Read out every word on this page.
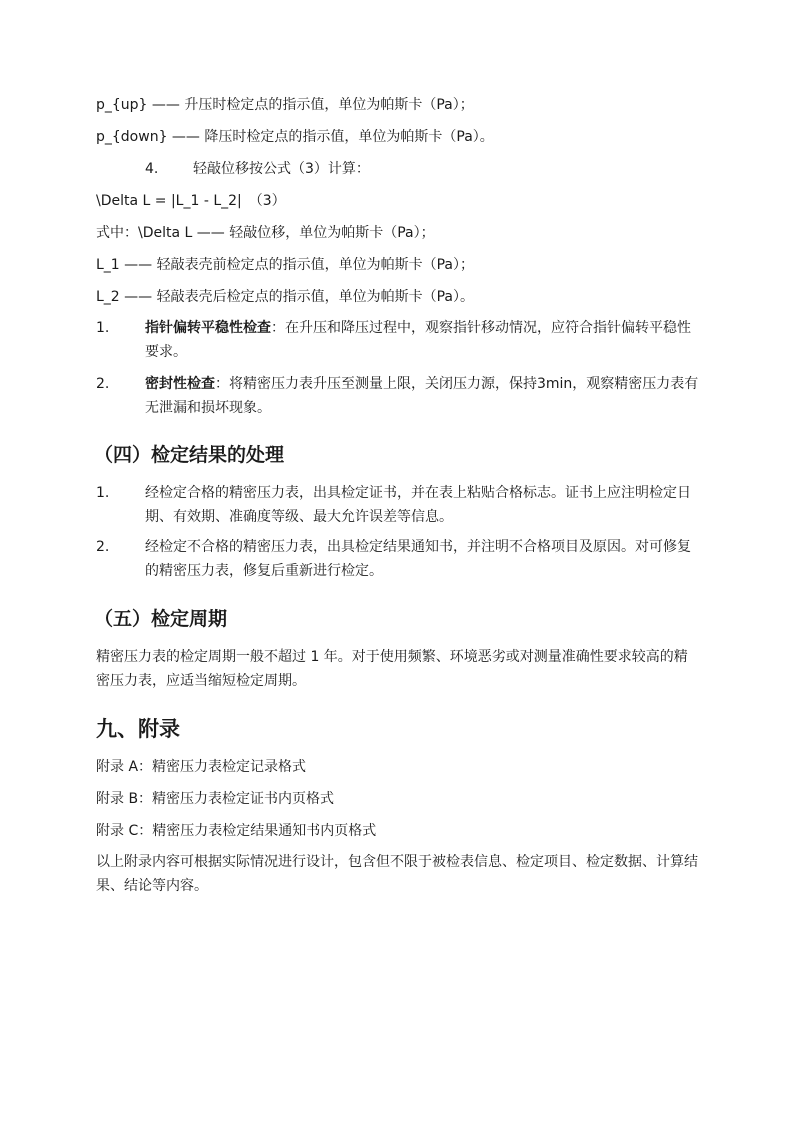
p_{up} —— 升压时检定点的指示值，单位为帕斯卡（Pa）；
p_{down} —— 降压时检定点的指示值，单位为帕斯卡（Pa）。
4. 轻敲位移按公式（3）计算：
\Delta L = |L_1 - L_2|　（3）
式中：\Delta L —— 轻敲位移，单位为帕斯卡（Pa）；
L_1 —— 轻敲表壳前检定点的指示值，单位为帕斯卡（Pa）；
L_2 —— 轻敲表壳后检定点的指示值，单位为帕斯卡（Pa）。
1.	指针偏转平稳性检查：在升压和降压过程中，观察指针移动情况，应符合指针偏转平稳性要求。
2.	密封性检查：将精密压力表升压至测量上限，关闭压力源，保持3min，观察精密压力表有无泄漏和损坏现象。
（四）检定结果的处理
1.	经检定合格的精密压力表，出具检定证书，并在表上粘贴合格标志。证书上应注明检定日期、有效期、准确度等级、最大允许误差等信息。
2.	经检定不合格的精密压力表，出具检定结果通知书，并注明不合格项目及原因。对可修复的精密压力表，修复后重新进行检定。
（五）检定周期
精密压力表的检定周期一般不超过 1 年。对于使用频繁、环境恶劣或对测量准确性要求较高的精密压力表，应适当缩短检定周期。
九、附录
附录 A：精密压力表检定记录格式
附录 B：精密压力表检定证书内页格式
附录 C：精密压力表检定结果通知书内页格式
以上附录内容可根据实际情况进行设计，包含但不限于被检表信息、检定项目、检定数据、计算结果、结论等内容。
